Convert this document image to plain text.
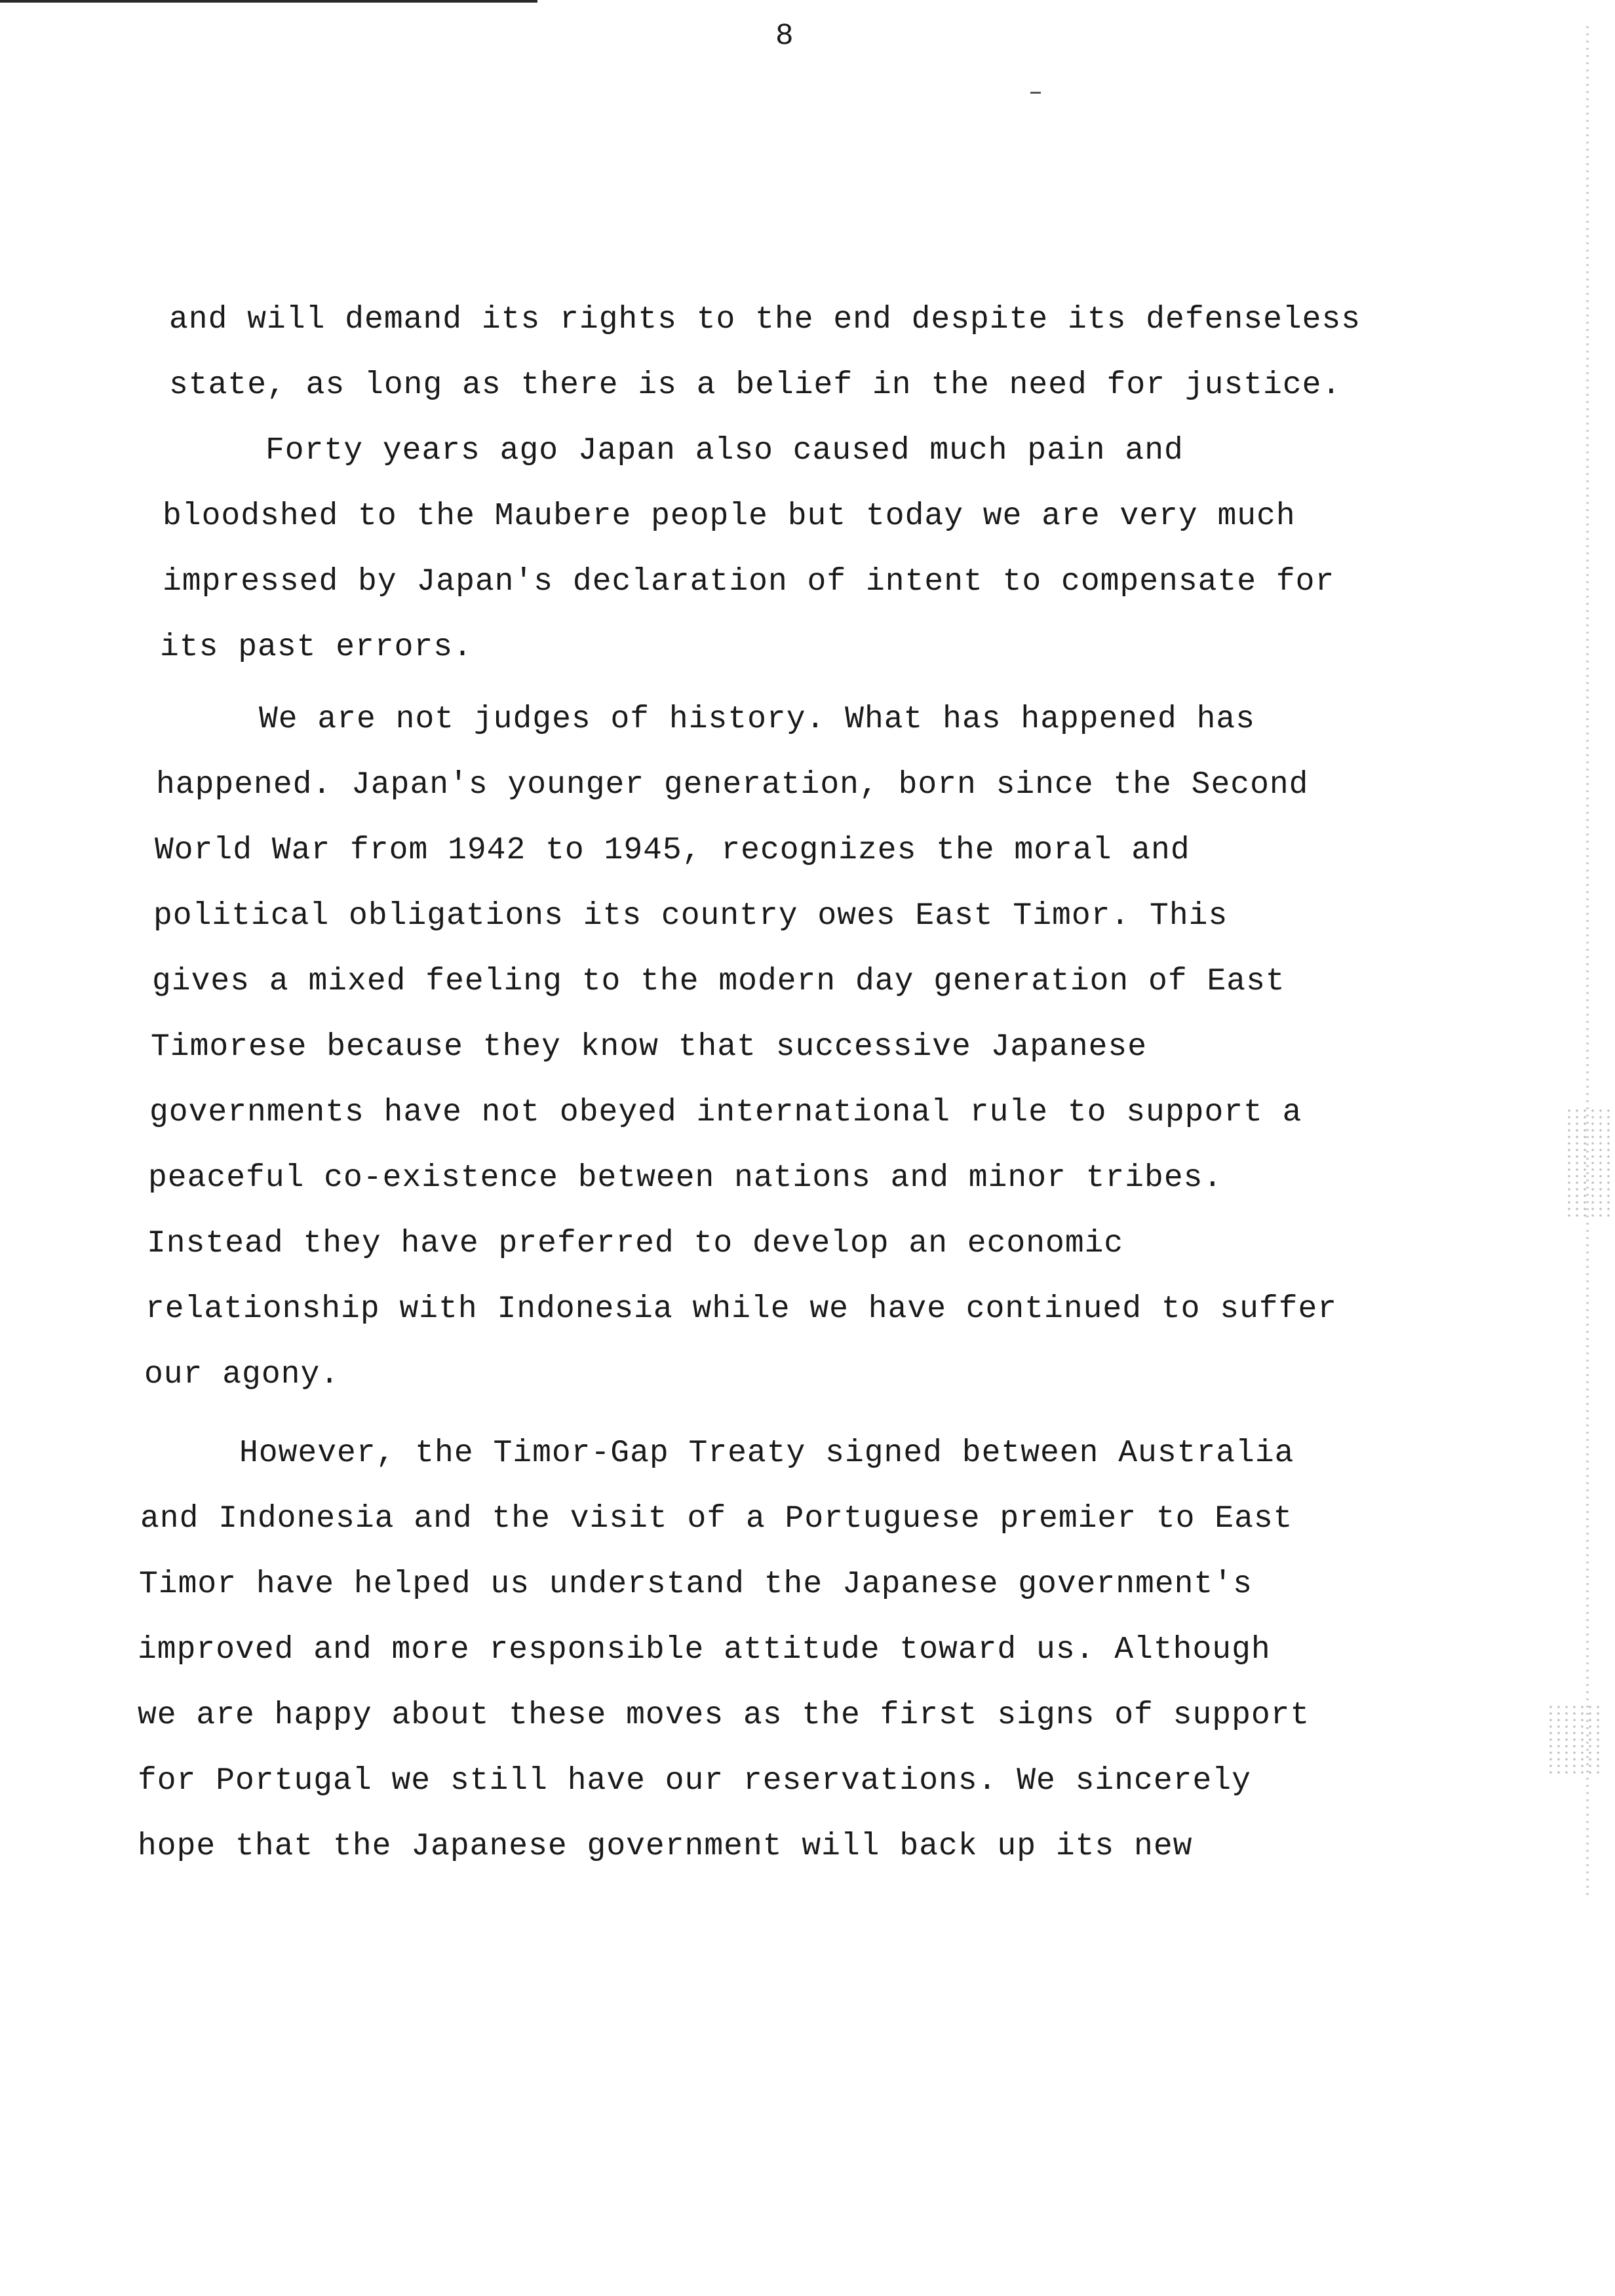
8
and will demand its rights to the end despite its defenseless
state, as long as there is a belief in the need for justice.
Forty years ago Japan also caused much pain and
bloodshed to the Maubere people but today we are very much
impressed by Japan's declaration of intent to compensate for
its past errors.
We are not judges of history. What has happened has
happened. Japan's younger generation, born since the Second
World War from 1942 to 1945, recognizes the moral and
political obligations its country owes East Timor. This
gives a mixed feeling to the modern day generation of East
Timorese because they know that successive Japanese
governments have not obeyed international rule to support a
peaceful co-existence between nations and minor tribes.
Instead they have preferred to develop an economic
relationship with Indonesia while we have continued to suffer
our agony.
However, the Timor-Gap Treaty signed between Australia
and Indonesia and the visit of a Portuguese premier to East
Timor have helped us understand the Japanese government's
improved and more responsible attitude toward us. Although
we are happy about these moves as the first signs of support
for Portugal we still have our reservations. We sincerely
hope that the Japanese government will back up its new
